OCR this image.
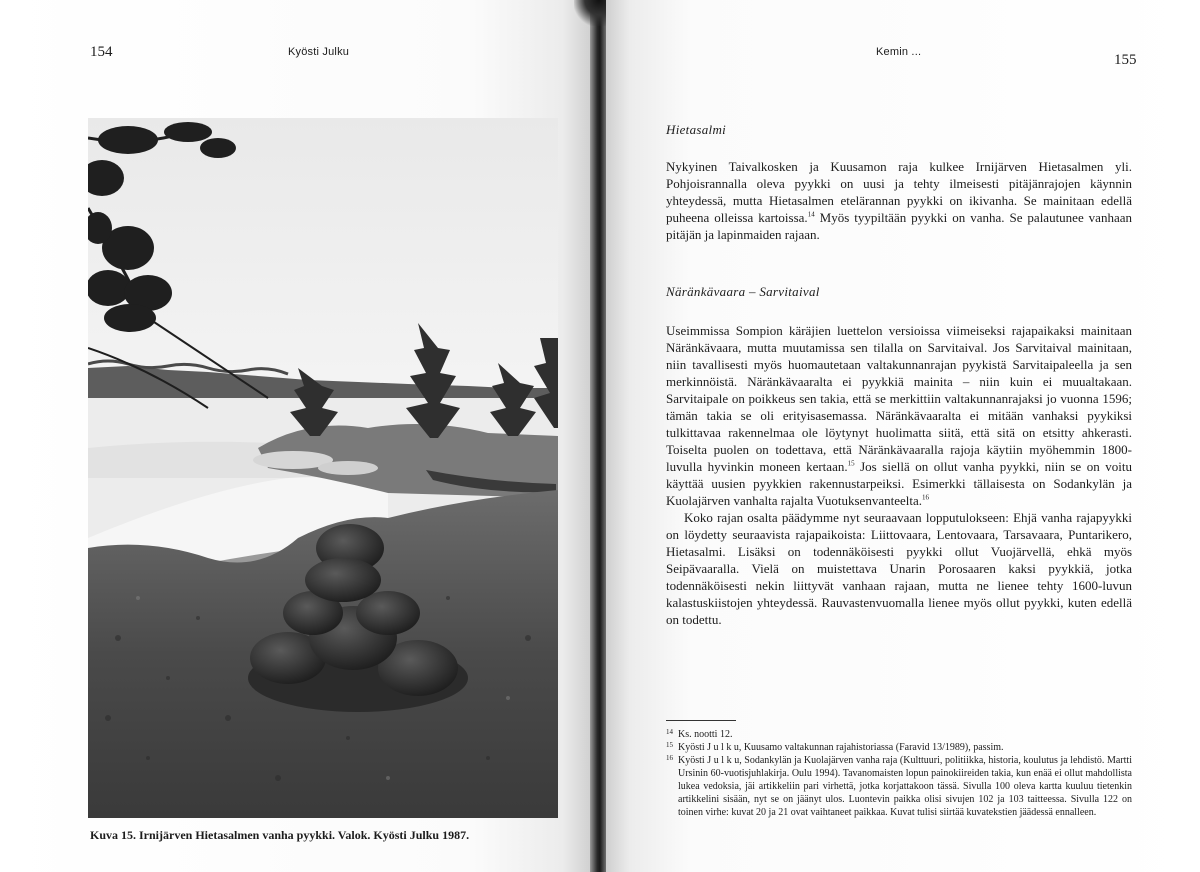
154	Kyösti Julku
Kuva 15. Irnijärven Hietasalmen vanha pyykki. Valok. Kyösti Julku 1987.
Kemin ...	155
Hietasalmi

Nykyinen Taivalkosken ja Kuusamon raja kulkee Irnijärven Hietasalmen yli. Pohjoisrannalla oleva pyykki on uusi ja tehty ilmeisesti pitäjänrajojen käynnin yhteydessä, mutta Hietasalmen etelärannan pyykki on ikivanha. Se mainitaan edellä puheena olleissa kartoissa.$^{14}$ Myös tyypiltään pyykki on vanha. Se palautunee vanhaan pitäjän ja lapinmaiden rajaan.

Näränkävaara – Sarvitaival

Useimmissa Sompion käräjien luettelon versioissa viimeiseksi rajapaikaksi mainitaan Näränkävaara, mutta muutamissa sen tilalla on Sarvitaival. Jos Sarvitaival mainitaan, niin tavallisesti myös huomautetaan valtakunnanrajan pyykistä Sarvitaipaleella ja sen merkinnöistä. Näränkävaaralta ei pyykkiä mainita – niin kuin ei muualtakaan. Sarvitaipale on poikkeus sen takia, että se merkittiin valtakunnanrajaksi jo vuonna 1596; tämän takia se oli erityisasemassa. Näränkävaaralta ei mitään vanhaksi pyykiksi tulkittavaa rakennelmaa ole löytynyt huolimatta siitä, että sitä on etsitty ahkerasti. Toiselta puolen on todettava, että Näränkävaaralla rajoja käytiin myöhemmin 1800-luvulla hyvinkin moneen kertaan.$^{15}$ Jos siellä on ollut vanha pyykki, niin se on voitu käyttää uusien pyykkien rakennustarpeiksi. Esimerkki tällaisesta on Sodankylän ja Kuolajärven vanhalta rajalta Vuotuksenvanteelta.$^{16}$

Koko rajan osalta päädymme nyt seuraavaan lopputulokseen: Ehjä vanha rajapyykki on löydetty seuraavista rajapaikoista: Liittovaara, Lentovaara, Tarsavaara, Puntarikero, Hietasalmi. Lisäksi on todennäköisesti pyykki ollut Vuojärvellä, ehkä myös Seipävaaralla. Vielä on muistettava Unarin Porosaaren kaksi pyykkiä, jotka todennäköisesti nekin liittyvät vanhaan rajaan, mutta ne lienee tehty 1600-luvun kalastuskiistojen yhteydessä. Rauvastenvuomalla lienee myös ollut pyykki, kuten edellä on todettu.

14 Ks. nootti 12.
15 Kyösti J u l k u, Kuusamo valtakunnan rajahistoriassa (Faravid 13/1989), passim.
16 Kyösti J u l k u, Sodankylän ja Kuolajärven vanha raja (Kulttuuri, politiikka, historia, koulutus ja lehdistö. Martti Ursinin 60-vuotisjuhlakirja. Oulu 1994). Tavanomaisten lopun painokiireiden takia, kun enää ei ollut mahdollista lukea vedoksia, jäi artikkeliin pari virhettä, jotka korjattakoon tässä. Sivulla 100 oleva kartta kuuluu tietenkin artikkelini sisään, nyt se on jäänyt ulos. Luontevin paikka olisi sivujen 102 ja 103 taitteessa. Sivulla 122 on toinen virhe: kuvat 20 ja 21 ovat vaihtaneet paikkaa. Kuvat tulisi siirtää kuvatekstien jäädessä ennalleen.
